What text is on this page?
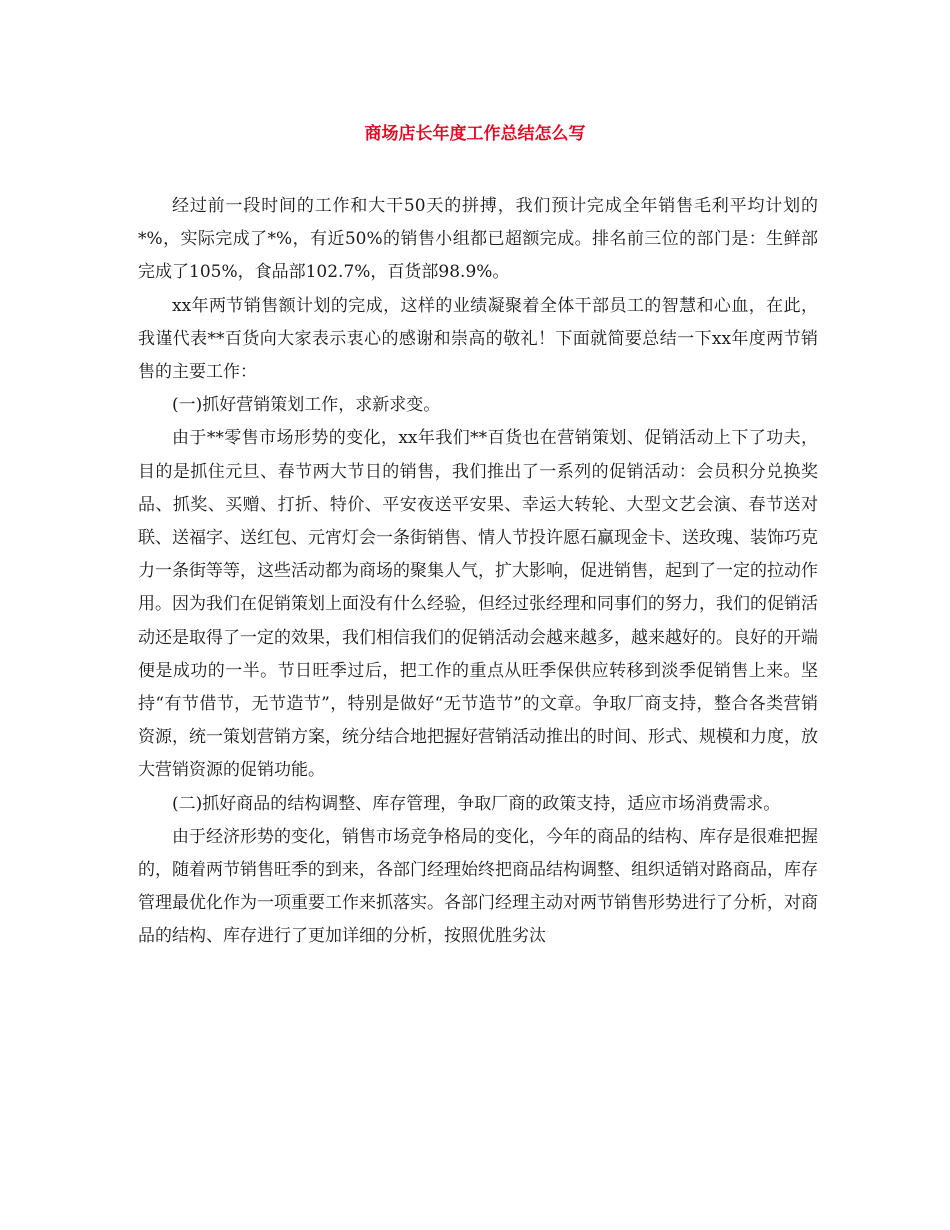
商场店长年度工作总结怎么写

经过前一段时间的工作和大干50天的拼搏，我们预计完成全年销售毛利平均计划的*%，实际完成了*%，有近50%的销售小组都已超额完成。排名前三位的部门是：生鲜部完成了105%，食品部102.7%，百货部98.9%。

xx年两节销售额计划的完成，这样的业绩凝聚着全体干部员工的智慧和心血，在此，我谨代表**百货向大家表示衷心的感谢和崇高的敬礼！下面就简要总结一下xx年度两节销售的主要工作：

(一)抓好营销策划工作，求新求变。

由于**零售市场形势的变化，xx年我们**百货也在营销策划、促销活动上下了功夫，目的是抓住元旦、春节两大节日的销售，我们推出了一系列的促销活动：会员积分兑换奖品、抓奖、买赠、打折、特价、平安夜送平安果、幸运大转轮、大型文艺会演、春节送对联、送福字、送红包、元宵灯会一条街销售、情人节投许愿石赢现金卡、送玫瑰、装饰巧克力一条街等等，这些活动都为商场的聚集人气，扩大影响，促进销售，起到了一定的拉动作用。因为我们在促销策划上面没有什么经验，但经过张经理和同事们的努力，我们的促销活动还是取得了一定的效果，我们相信我们的促销活动会越来越多，越来越好的。良好的开端便是成功的一半。节日旺季过后，把工作的重点从旺季保供应转移到淡季促销售上来。坚持“有节借节，无节造节”，特别是做好“无节造节”的文章。争取厂商支持，整合各类营销资源，统一策划营销方案，统分结合地把握好营销活动推出的时间、形式、规模和力度，放大营销资源的促销功能。

(二)抓好商品的结构调整、库存管理，争取厂商的政策支持，适应市场消费需求。

由于经济形势的变化，销售市场竞争格局的变化，今年的商品的结构、库存是很难把握的，随着两节销售旺季的到来，各部门经理始终把商品结构调整、组织适销对路商品，库存管理最优化作为一项重要工作来抓落实。各部门经理主动对两节销售形势进行了分析，对商品的结构、库存进行了更加详细的分析，按照优胜劣汰
